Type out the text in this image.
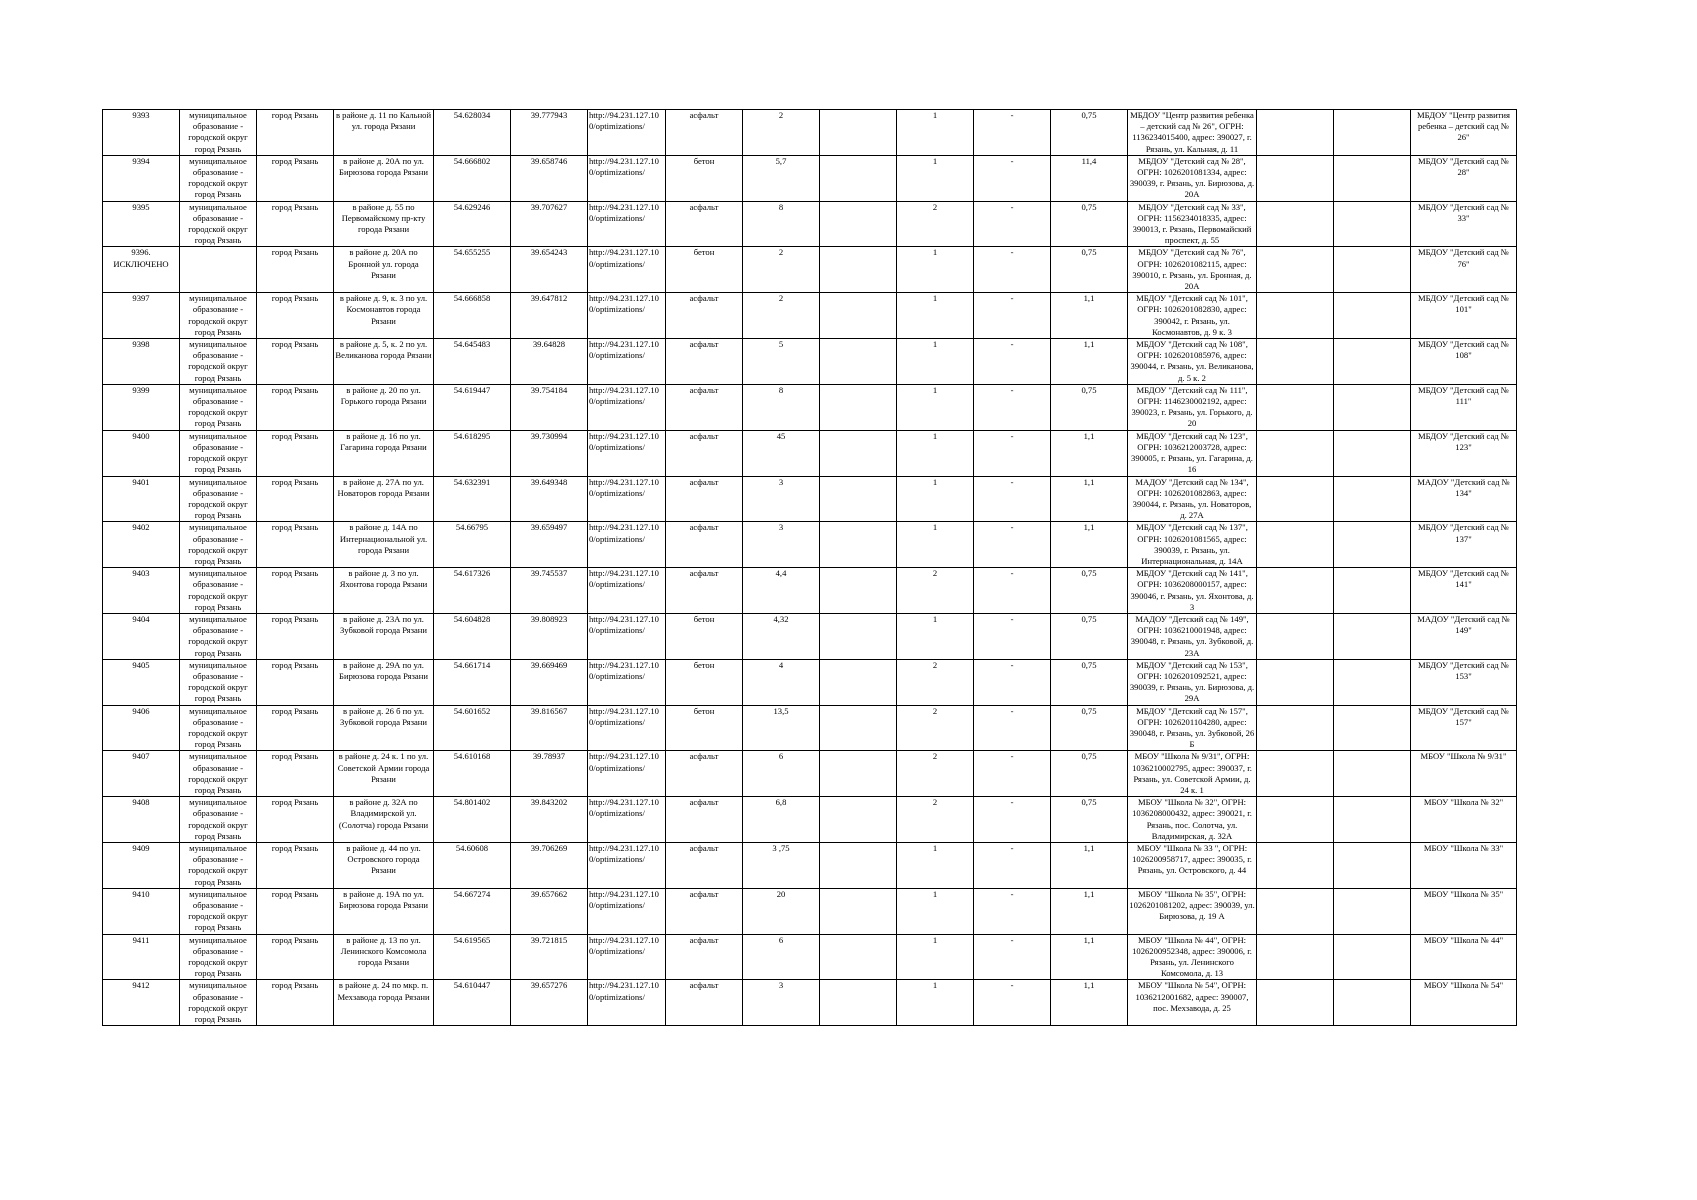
9393	муниципальное образование - городской округ город Рязань	город Рязань	в районе д. 11 по Кальной ул. города Рязани	54.628034	39.777943	http://94.231.127.10 0/optimizations/	асфальт	2		1	-	0,75	МБДОУ "Центр развития ребенка – детский сад № 26", ОГРН: 1136234015400, адрес: 390027, г. Рязань, ул. Кальная, д. 11			МБДОУ "Центр развития ребенка – детский сад № 26"
9394	муниципальное образование - городской округ город Рязань	город Рязань	в районе д. 20А по ул. Бирюзова города Рязани	54.666802	39.658746	http://94.231.127.10 0/optimizations/	бетон	5,7		1	-	11,4	МБДОУ "Детский сад № 28", ОГРН: 1026201081334, адрес: 390039, г. Рязань, ул. Бирюзова, д. 20А			МБДОУ "Детский сад № 28"
9395	муниципальное образование - городской округ город Рязань	город Рязань	в районе д. 55 по Первомайскому пр-кту города Рязани	54.629246	39.707627	http://94.231.127.10 0/optimizations/	асфальт	8		2	-	0,75	МБДОУ "Детский сад № 33", ОГРН: 1156234018335, адрес: 390013, г. Рязань, Первомайский проспект, д. 55			МБДОУ "Детский сад № 33"
9396. ИСКЛЮЧЕНО		город Рязань	в районе д. 20А по Бронной ул. города Рязани	54.655255	39.654243	http://94.231.127.10 0/optimizations/	бетон	2		1	-	0,75	МБДОУ "Детский сад № 76", ОГРН: 1026201082115, адрес: 390010, г. Рязань, ул. Бронная, д. 20А			МБДОУ "Детский сад № 76"
9397	муниципальное образование - городской округ город Рязань	город Рязань	в районе д. 9, к. 3 по ул. Космонавтов города Рязани	54.666858	39.647812	http://94.231.127.10 0/optimizations/	асфальт	2		1	-	1,1	МБДОУ "Детский сад № 101", ОГРН: 1026201082830, адрес: 390042, г. Рязань, ул. Космонавтов, д. 9 к. 3			МБДОУ "Детский сад № 101"
9398	муниципальное образование - городской округ город Рязань	город Рязань	в районе д. 5, к. 2 по ул. Великанова города Рязани	54.645483	39.64828	http://94.231.127.10 0/optimizations/	асфальт	5		1	-	1,1	МБДОУ "Детский сад № 108", ОГРН: 1026201085976, адрес: 390044, г. Рязань, ул. Великанова, д. 5 к. 2			МБДОУ "Детский сад № 108"
9399	муниципальное образование - городской округ город Рязань	город Рязань	в районе д. 20 по ул. Горького города Рязани	54.619447	39.754184	http://94.231.127.10 0/optimizations/	асфальт	8		1	-	0,75	МБДОУ "Детский сад № 111", ОГРН: 1146230002192, адрес: 390023, г. Рязань, ул. Горького, д. 20			МБДОУ "Детский сад № 111"
9400	муниципальное образование - городской округ город Рязань	город Рязань	в районе д. 16 по ул. Гагарина города Рязани	54.618295	39.730994	http://94.231.127.10 0/optimizations/	асфальт	45		1	-	1,1	МБДОУ "Детский сад № 123", ОГРН: 1036212003728, адрес: 390005, г. Рязань, ул. Гагарина, д. 16			МБДОУ "Детский сад № 123"
9401	муниципальное образование - городской округ город Рязань	город Рязань	в районе д. 27А по ул. Новаторов города Рязани	54.632391	39.649348	http://94.231.127.10 0/optimizations/	асфальт	3		1	-	1,1	МАДОУ "Детский сад № 134", ОГРН: 1026201082863, адрес: 390044, г. Рязань, ул. Новаторов, д. 27А			МАДОУ "Детский сад № 134"
9402	муниципальное образование - городской округ город Рязань	город Рязань	в районе д. 14А по Интернациональной ул. города Рязани	54.66795	39.659497	http://94.231.127.10 0/optimizations/	асфальт	3		1	-	1,1	МБДОУ "Детский сад № 137", ОГРН: 1026201081565, адрес: 390039, г. Рязань, ул. Интернациональная, д. 14А			МБДОУ "Детский сад № 137"
9403	муниципальное образование - городской округ город Рязань	город Рязань	в районе д. 3 по ул. Яхонтова города Рязани	54.617326	39.745537	http://94.231.127.10 0/optimizations/	асфальт	4,4		2	-	0,75	МБДОУ "Детский сад № 141", ОГРН: 1036208000157, адрес: 390046, г. Рязань, ул. Яхонтова, д. 3			МБДОУ "Детский сад № 141"
9404	муниципальное образование - городской округ город Рязань	город Рязань	в районе д. 23А по ул. Зубковой города Рязани	54.604828	39.808923	http://94.231.127.10 0/optimizations/	бетон	4,32		1	-	0,75	МАДОУ "Детский сад № 149", ОГРН: 1036210001948, адрес: 390048, г. Рязань, ул. Зубковой, д. 23А			МАДОУ "Детский сад № 149"
9405	муниципальное образование - городской округ город Рязань	город Рязань	в районе д. 29А по ул. Бирюзова города Рязани	54.661714	39.669469	http://94.231.127.10 0/optimizations/	бетон	4		2	-	0,75	МБДОУ "Детский сад № 153", ОГРН: 1026201092521, адрес: 390039, г. Рязань, ул. Бирюзова, д. 29А			МБДОУ "Детский сад № 153"
9406	муниципальное образование - городской округ город Рязань	город Рязань	в районе д. 26 б по ул. Зубковой города Рязани	54.601652	39.816567	http://94.231.127.10 0/optimizations/	бетон	13,5		2	-	0,75	МБДОУ "Детский сад № 157", ОГРН: 1026201104280, адрес: 390048, г. Рязань, ул. Зубковой, 26 Б			МБДОУ "Детский сад № 157"
9407	муниципальное образование - городской округ город Рязань	город Рязань	в районе д. 24 к. 1 по ул. Советской Армии города Рязани	54.610168	39.78937	http://94.231.127.10 0/optimizations/	асфальт	6		2	-	0,75	МБОУ "Школа № 9/31", ОГРН: 1036210002795, адрес: 390037, г. Рязань, ул. Советской Армии, д. 24 к. 1			МБОУ "Школа № 9/31"
9408	муниципальное образование - городской округ город Рязань	город Рязань	в районе д. 32А по Владимирской ул. (Солотча) города Рязани	54.801402	39.843202	http://94.231.127.10 0/optimizations/	асфальт	6,8		2	-	0,75	МБОУ "Школа № 32", ОГРН: 1036208000432, адрес: 390021, г. Рязань, пос. Солотча, ул. Владимирская, д. 32А			МБОУ "Школа № 32"
9409	муниципальное образование - городской округ город Рязань	город Рязань	в районе д. 44 по ул. Островского города Рязани	54.60608	39.706269	http://94.231.127.10 0/optimizations/	асфальт	3 ,75		1	-	1,1	МБОУ "Школа № 33 ", ОГРН: 1026200958717, адрес: 390035, г. Рязань, ул. Островского, д. 44			МБОУ "Школа № 33"
9410	муниципальное образование - городской округ город Рязань	город Рязань	в районе д. 19А по ул. Бирюзова города Рязани	54.667274	39.657662	http://94.231.127.10 0/optimizations/	асфальт	20		1	-	1,1	МБОУ "Школа № 35", ОГРН: 1026201081202, адрес: 390039, ул. Бирюзова, д. 19 А			МБОУ "Школа № 35"
9411	муниципальное образование - городской округ город Рязань	город Рязань	в районе д. 13 по ул. Ленинского Комсомола города Рязани	54.619565	39.721815	http://94.231.127.10 0/optimizations/	асфальт	6		1	-	1,1	МБОУ "Школа № 44", ОГРН: 1026200952348, адрес: 390006, г. Рязань, ул. Ленинского Комсомола, д. 13			МБОУ "Школа № 44"
9412	муниципальное образование - городской округ город Рязань	город Рязань	в районе д. 24 по мкр. п. Мехзавода города Рязани	54.610447	39.657276	http://94.231.127.10 0/optimizations/	асфальт	3		1	-	1,1	МБОУ "Школа № 54", ОГРН: 1036212001682, адрес: 390007, пос. Мехзавода, д. 25			МБОУ "Школа № 54"
